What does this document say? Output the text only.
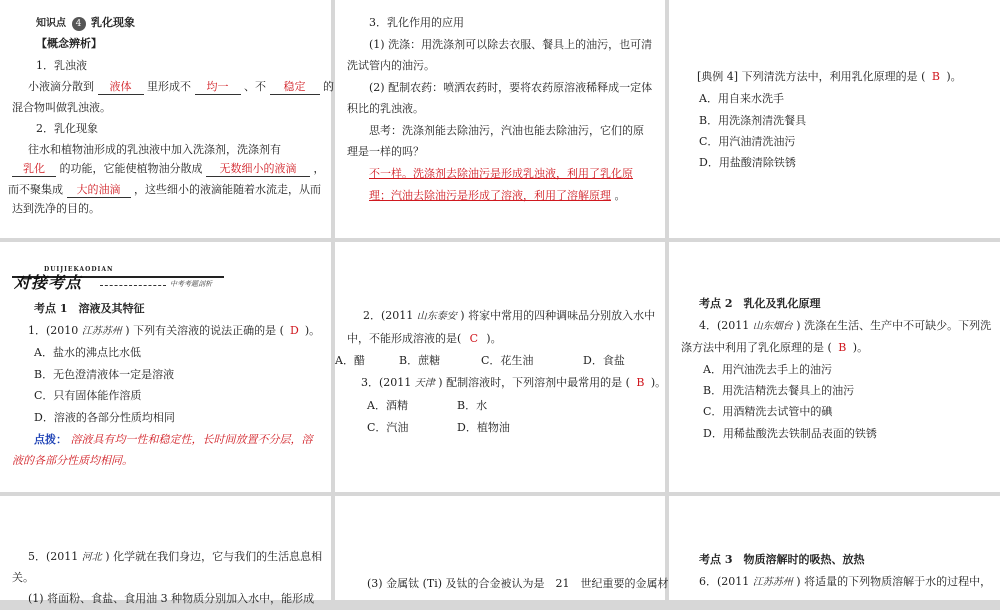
知识点 4 乳化现象
【概念辨析】
1．乳浊液
小液滴分散到 液体 里形成不 均一 、不 稳定 的
混合物叫做乳浊液。
2．乳化现象
往水和植物油形成的乳浊液中加入洗涤剂，洗涤剂有
乳化 的功能，它能使植物油分散成 无数细小的液滴 ，
而不聚集成 大的油滴 ，这些细小的液滴能随着水流走，从而
达到洗净的目的。
3．乳化作用的应用
(1) 洗涤：用洗涤剂可以除去衣服、餐具上的油污，也可清
洗试管内的油污。
(2) 配制农药：喷洒农药时，要将农药原溶液稀释成一定体
积比的乳浊液。
思考：洗涤剂能去除油污，汽油也能去除油污，它们的原
理是一样的吗？
不一样。洗涤剂去除油污是形成乳浊液，利用了乳化原
理；汽油去除油污是形成了溶液，利用了溶解原理 。
[典例 4] 下列清洗方法中，利用乳化原理的是 ( B )。
A．用自来水洗手
B．用洗涤剂清洗餐具
C．用汽油清洗油污
D．用盐酸清除铁锈
DUIJIEKAODIAN
对接考点	中考考题剖析
考点 1　溶液及其特征
1．(2010 江苏苏州 ) 下列有关溶液的说法正确的是 ( D )。
A．盐水的沸点比水低
B．无色澄清液体一定是溶液
C．只有固体能作溶质
D．溶液的各部分性质均相同
点拨： 溶液具有均一性和稳定性，长时间放置不分层，溶
液的各部分性质均相同。
2．(2011 山东泰安 ) 将家中常用的四种调味品分别放入水中
中，不能形成溶液的是( C )。
A．醋	B．蔗糖	C．花生油	D．食盐
3．(2011 天津 ) 配制溶液时，下列溶剂中最常用的是 ( B )。
A．酒精	B．水
C．汽油	D．植物油
考点 2　乳化及乳化原理
4．(2011 山东烟台 ) 洗涤在生活、生产中不可缺少。下列洗
涤方法中利用了乳化原理的是 ( B )。
A．用汽油洗去手上的油污
B．用洗洁精洗去餐具上的油污
C．用酒精洗去试管中的碘
D．用稀盐酸洗去铁制品表面的铁锈
5．(2011 河北 ) 化学就在我们身边，它与我们的生活息息相
关。
(1) 将面粉、食盐、食用油 3 种物质分别加入水中，能形成
(3) 金属钛 (Ti) 及钛的合金被认为是　21　世纪重要的金属材
考点 3　物质溶解时的吸热、放热
6．(2011 江苏苏州 ) 将适量的下列物质溶解于水的过程中，
